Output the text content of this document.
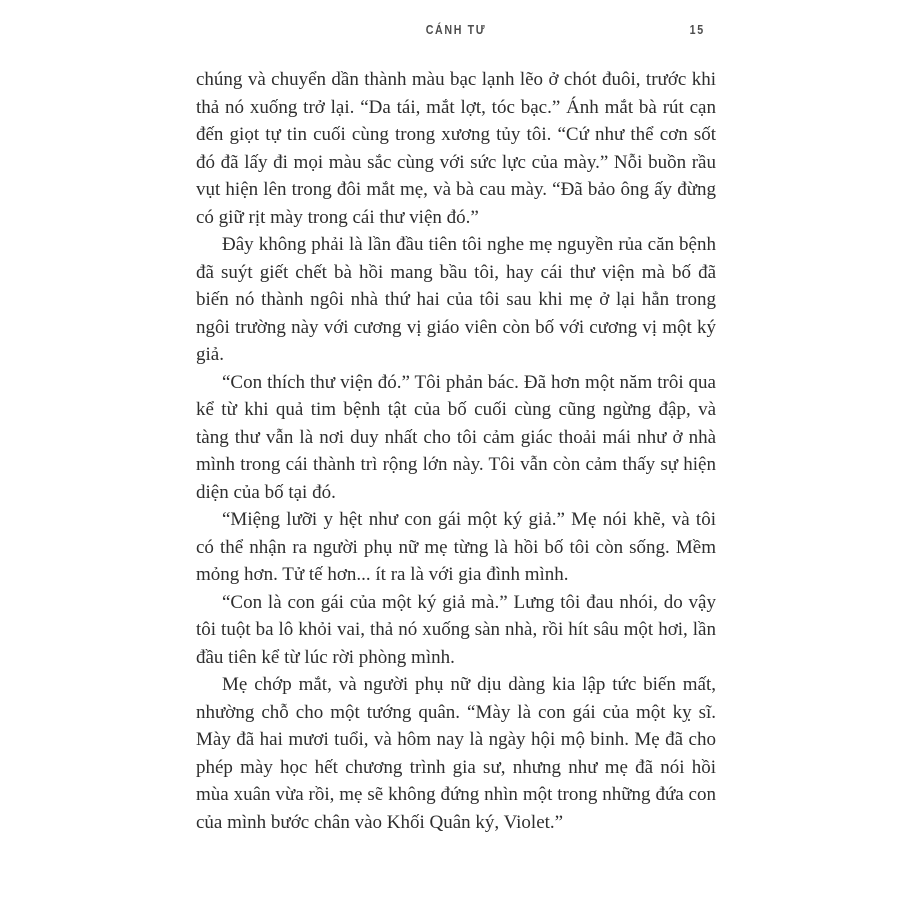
CÁNH TƯ	15

chúng và chuyển dần thành màu bạc lạnh lẽo ở chót đuôi, trước khi thả nó xuống trở lại. “Da tái, mắt lợt, tóc bạc.” Ánh mắt bà rút cạn đến giọt tự tin cuối cùng trong xương tủy tôi. “Cứ như thể cơn sốt đó đã lấy đi mọi màu sắc cùng với sức lực của mày.” Nỗi buồn rầu vụt hiện lên trong đôi mắt mẹ, và bà cau mày. “Đã bảo ông ấy đừng có giữ rịt mày trong cái thư viện đó.”

Đây không phải là lần đầu tiên tôi nghe mẹ nguyền rủa căn bệnh đã suýt giết chết bà hồi mang bầu tôi, hay cái thư viện mà bố đã biến nó thành ngôi nhà thứ hai của tôi sau khi mẹ ở lại hẳn trong ngôi trường này với cương vị giáo viên còn bố với cương vị một ký giả.

“Con thích thư viện đó.” Tôi phản bác. Đã hơn một năm trôi qua kể từ khi quả tim bệnh tật của bố cuối cùng cũng ngừng đập, và tàng thư vẫn là nơi duy nhất cho tôi cảm giác thoải mái như ở nhà mình trong cái thành trì rộng lớn này. Tôi vẫn còn cảm thấy sự hiện diện của bố tại đó.

“Miệng lưỡi y hệt như con gái một ký giả.” Mẹ nói khẽ, và tôi có thể nhận ra người phụ nữ mẹ từng là hồi bố tôi còn sống. Mềm mỏng hơn. Tử tế hơn... ít ra là với gia đình mình.

“Con là con gái của một ký giả mà.” Lưng tôi đau nhói, do vậy tôi tuột ba lô khỏi vai, thả nó xuống sàn nhà, rồi hít sâu một hơi, lần đầu tiên kể từ lúc rời phòng mình.

Mẹ chớp mắt, và người phụ nữ dịu dàng kia lập tức biến mất, nhường chỗ cho một tướng quân. “Mày là con gái của một kỵ sĩ. Mày đã hai mươi tuổi, và hôm nay là ngày hội mộ binh. Mẹ đã cho phép mày học hết chương trình gia sư, nhưng như mẹ đã nói hồi mùa xuân vừa rồi, mẹ sẽ không đứng nhìn một trong những đứa con của mình bước chân vào Khối Quân ký, Violet.”
